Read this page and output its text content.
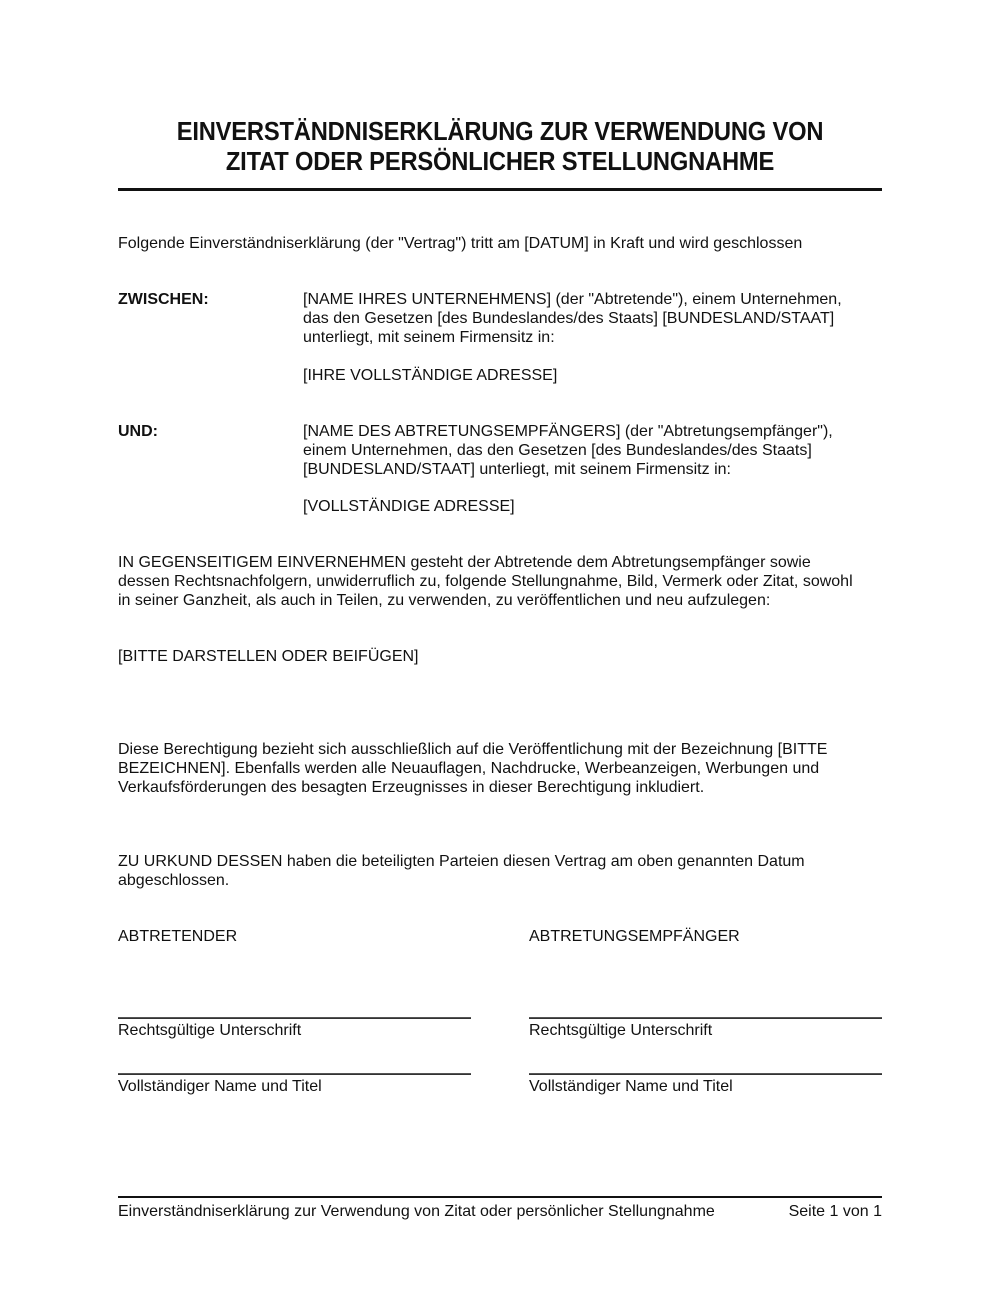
EINVERSTÄNDNISERKLÄRUNG ZUR VERWENDUNG VON
ZITAT ODER PERSÖNLICHER STELLUNGNAHME
Folgende Einverständniserklärung (der "Vertrag") tritt am [DATUM] in Kraft und wird geschlossen
ZWISCHEN:	[NAME IHRES UNTERNEHMENS] (der "Abtretende"), einem Unternehmen,
das den Gesetzen [des Bundeslandes/des Staats] [BUNDESLAND/STAAT]
unterliegt, mit seinem Firmensitz in:
[IHRE VOLLSTÄNDIGE ADRESSE]
UND:	[NAME DES ABTRETUNGSEMPFÄNGERS] (der "Abtretungsempfänger"),
einem Unternehmen, das den Gesetzen [des Bundeslandes/des Staats]
[BUNDESLAND/STAAT] unterliegt, mit seinem Firmensitz in:
[VOLLSTÄNDIGE ADRESSE]
IN GEGENSEITIGEM EINVERNEHMEN gesteht der Abtretende dem Abtretungsempfänger sowie
dessen Rechtsnachfolgern, unwiderruflich zu, folgende Stellungnahme, Bild, Vermerk oder Zitat, sowohl
in seiner Ganzheit, als auch in Teilen, zu verwenden, zu veröffentlichen und neu aufzulegen:
[BITTE DARSTELLEN ODER BEIFÜGEN]
Diese Berechtigung bezieht sich ausschließlich auf die Veröffentlichung mit der Bezeichnung [BITTE
BEZEICHNEN]. Ebenfalls werden alle Neuauflagen, Nachdrucke, Werbeanzeigen, Werbungen und
Verkaufsförderungen des besagten Erzeugnisses in dieser Berechtigung inkludiert.
ZU URKUND DESSEN haben die beteiligten Parteien diesen Vertrag am oben genannten Datum
abgeschlossen.
ABTRETENDER	ABTRETUNGSEMPFÄNGER
Rechtsgültige Unterschrift	Rechtsgültige Unterschrift
Vollständiger Name und Titel	Vollständiger Name und Titel
Einverständniserklärung zur Verwendung von Zitat oder persönlicher Stellungnahme	Seite 1 von 1
